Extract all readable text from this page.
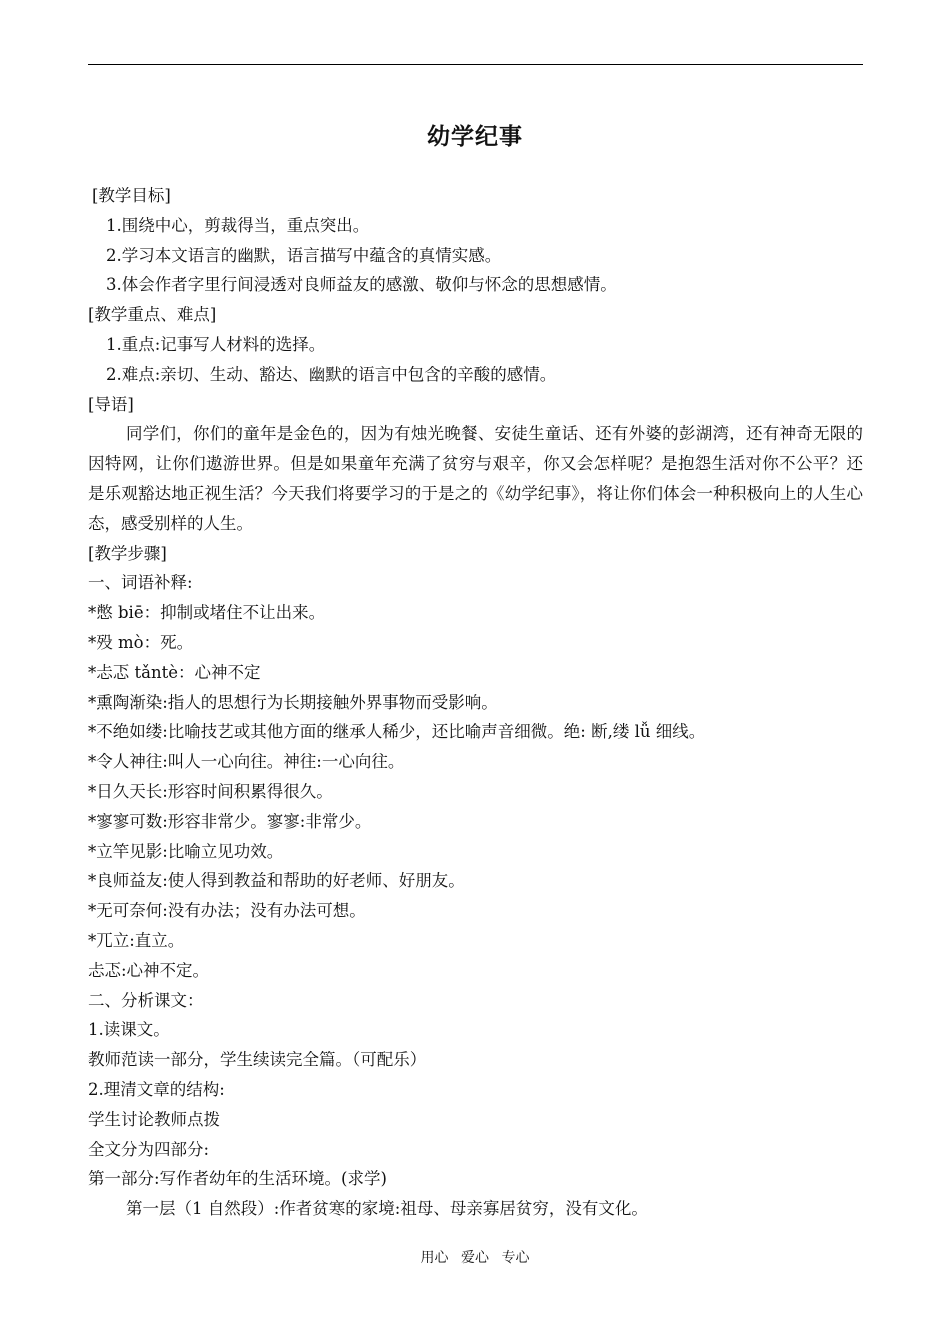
幼学纪事
[教学目标]
1.围绕中心，剪裁得当，重点突出。
2.学习本文语言的幽默，语言描写中蕴含的真情实感。
3.体会作者字里行间浸透对良师益友的感激、敬仰与怀念的思想感情。
[教学重点、难点]
1.重点:记事写人材料的选择。
2.难点:亲切、生动、豁达、幽默的语言中包含的辛酸的感情。
[导语]
同学们，你们的童年是金色的，因为有烛光晚餐、安徒生童话、还有外婆的彭湖湾，还有神奇无限的因特网，让你们遨游世界。但是如果童年充满了贫穷与艰辛，你又会怎样呢？是抱怨生活对你不公平？还是乐观豁达地正视生活？今天我们将要学习的于是之的《幼学纪事》，将让你们体会一种积极向上的人生心态，感受别样的人生。
[教学步骤]
一、词语补释:
*憋 biē：抑制或堵住不让出来。
*殁 mò：死。
*忐忑 tǎntè：心神不定
*熏陶渐染:指人的思想行为长期接触外界事物而受影响。
*不绝如缕:比喻技艺或其他方面的继承人稀少，还比喻声音细微。绝: 断,缕 lǚ 细线。
*令人神往:叫人一心向往。神往:一心向往。
*日久天长:形容时间积累得很久。
*寥寥可数:形容非常少。寥寥:非常少。
*立竿见影:比喻立见功效。
*良师益友:使人得到教益和帮助的好老师、好朋友。
*无可奈何:没有办法；没有办法可想。
*兀立:直立。
忐忑:心神不定。
二、分析课文：
1.读课文。
教师范读一部分，学生续读完全篇。（可配乐）
2.理清文章的结构:
学生讨论教师点拨
全文分为四部分:
第一部分:写作者幼年的生活环境。(求学)
第一层（1 自然段）:作者贫寒的家境:祖母、母亲寡居贫穷，没有文化。
用心 爱心 专心
